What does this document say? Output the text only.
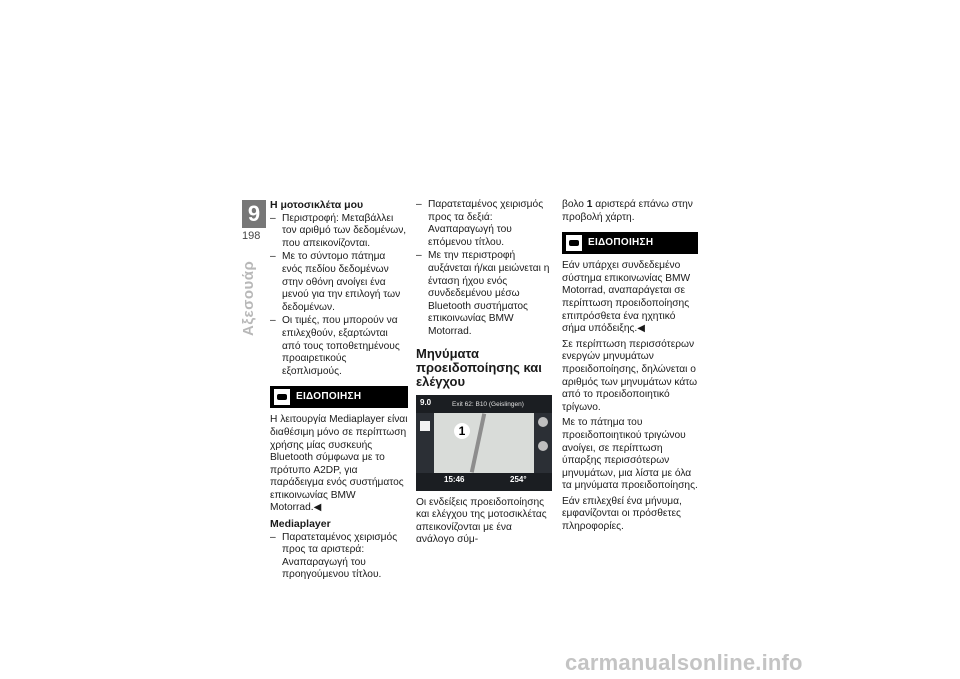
9
198
Αξεσουάρ
Η μοτοσικλέτα μου
– Περιστροφή: Μεταβάλλει τον αριθμό των δεδομένων, που απεικονίζονται.
– Με το σύντομο πάτημα ενός πεδίου δεδομένων στην οθόνη ανοίγει ένα μενού για την επιλογή των δεδομένων.
– Οι τιμές, που μπορούν να επιλεχθούν, εξαρτώνται από τους τοποθετημένους προαιρετικούς εξοπλισμούς.
ΕΙΔΟΠΟΙΗΣΗ

Η λειτουργία Mediaplayer είναι διαθέσιμη μόνο σε περίπτωση χρήσης μίας συσκευής Bluetooth σύμφωνα με το πρότυπο A2DP, για παράδειγμα ενός συστήματος επικοινωνίας BMW Motorrad.◀

Mediaplayer
– Παρατεταμένος χειρισμός προς τα αριστερά: Αναπαραγωγή του προηγούμενου τίτλου.
– Παρατεταμένος χειρισμός προς τα δεξιά: Αναπαραγωγή του επόμενου τίτλου.
– Με την περιστροφή αυξάνεται ή/και μειώνεται η ένταση ήχου ενός συνδεδεμένου μέσω Bluetooth συστήματος επικοινωνίας BMW Motorrad.
Μηνύματα προειδοποίησης και ελέγχου
9.0	Exit 62: B10 (Geislingen)
1
15:46	254°

Οι ενδείξεις προειδοποίησης και ελέγχου της μοτοσικλέτας απεικονίζονται με ένα ανάλογο σύμ-

βολο 1 αριστερά επάνω στην προβολή χάρτη.

ΕΙΔΟΠΟΙΗΣΗ

Εάν υπάρχει συνδεδεμένο σύστημα επικοινωνίας BMW Motorrad, αναπαράγεται σε περίπτωση προειδοποίησης επιπρόσθετα ένα ηχητικό σήμα υπόδειξης.◀

Σε περίπτωση περισσότερων ενεργών μηνυμάτων προειδοποίησης, δηλώνεται ο αριθμός των μηνυμάτων κάτω από το προειδοποιητικό τρίγωνο.

Με το πάτημα του προειδοποιητικού τριγώνου ανοίγει, σε περίπτωση ύπαρξης περισσότερων μηνυμάτων, μια λίστα με όλα τα μηνύματα προειδοποίησης.

Εάν επιλεχθεί ένα μήνυμα, εμφανίζονται οι πρόσθετες πληροφορίες.

carmanualsonline.info
